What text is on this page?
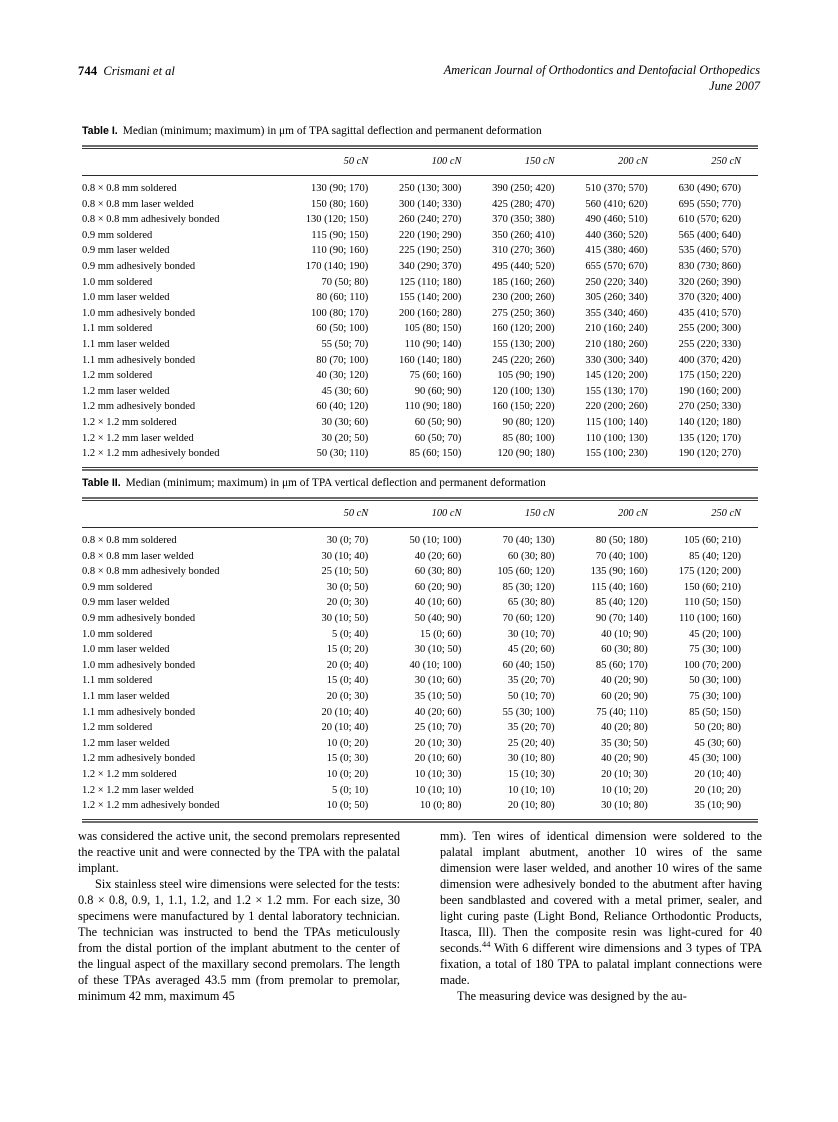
744 Crismani et al	American Journal of Orthodontics and Dentofacial Orthopedics
June 2007

Table I. Median (minimum; maximum) in μm of TPA sagittal deflection and permanent deformation

	50 cN	100 cN	150 cN	200 cN	250 cN
0.8 × 0.8 mm soldered	130 (90; 170)	250 (130; 300)	390 (250; 420)	510 (370; 570)	630 (490; 670)
0.8 × 0.8 mm laser welded	150 (80; 160)	300 (140; 330)	425 (280; 470)	560 (410; 620)	695 (550; 770)
0.8 × 0.8 mm adhesively bonded	130 (120; 150)	260 (240; 270)	370 (350; 380)	490 (460; 510)	610 (570; 620)
0.9 mm soldered	115 (90; 150)	220 (190; 290)	350 (260; 410)	440 (360; 520)	565 (400; 640)
0.9 mm laser welded	110 (90; 160)	225 (190; 250)	310 (270; 360)	415 (380; 460)	535 (460; 570)
0.9 mm adhesively bonded	170 (140; 190)	340 (290; 370)	495 (440; 520)	655 (570; 670)	830 (730; 860)
1.0 mm soldered	70 (50; 80)	125 (110; 180)	185 (160; 260)	250 (220; 340)	320 (260; 390)
1.0 mm laser welded	80 (60; 110)	155 (140; 200)	230 (200; 260)	305 (260; 340)	370 (320; 400)
1.0 mm adhesively bonded	100 (80; 170)	200 (160; 280)	275 (250; 360)	355 (340; 460)	435 (410; 570)
1.1 mm soldered	60 (50; 100)	105 (80; 150)	160 (120; 200)	210 (160; 240)	255 (200; 300)
1.1 mm laser welded	55 (50; 70)	110 (90; 140)	155 (130; 200)	210 (180; 260)	255 (220; 330)
1.1 mm adhesively bonded	80 (70; 100)	160 (140; 180)	245 (220; 260)	330 (300; 340)	400 (370; 420)
1.2 mm soldered	40 (30; 120)	75 (60; 160)	105 (90; 190)	145 (120; 200)	175 (150; 220)
1.2 mm laser welded	45 (30; 60)	90 (60; 90)	120 (100; 130)	155 (130; 170)	190 (160; 200)
1.2 mm adhesively bonded	60 (40; 120)	110 (90; 180)	160 (150; 220)	220 (200; 260)	270 (250; 330)
1.2 × 1.2 mm soldered	30 (30; 60)	60 (50; 90)	90 (80; 120)	115 (100; 140)	140 (120; 180)
1.2 × 1.2 mm laser welded	30 (20; 50)	60 (50; 70)	85 (80; 100)	110 (100; 130)	135 (120; 170)
1.2 × 1.2 mm adhesively bonded	50 (30; 110)	85 (60; 150)	120 (90; 180)	155 (100; 230)	190 (120; 270)

Table II. Median (minimum; maximum) in μm of TPA vertical deflection and permanent deformation

	50 cN	100 cN	150 cN	200 cN	250 cN
0.8 × 0.8 mm soldered	30 (0; 70)	50 (10; 100)	70 (40; 130)	80 (50; 180)	105 (60; 210)
0.8 × 0.8 mm laser welded	30 (10; 40)	40 (20; 60)	60 (30; 80)	70 (40; 100)	85 (40; 120)
0.8 × 0.8 mm adhesively bonded	25 (10; 50)	60 (30; 80)	105 (60; 120)	135 (90; 160)	175 (120; 200)
0.9 mm soldered	30 (0; 50)	60 (20; 90)	85 (30; 120)	115 (40; 160)	150 (60; 210)
0.9 mm laser welded	20 (0; 30)	40 (10; 60)	65 (30; 80)	85 (40; 120)	110 (50; 150)
0.9 mm adhesively bonded	30 (10; 50)	50 (40; 90)	70 (60; 120)	90 (70; 140)	110 (100; 160)
1.0 mm soldered	5 (0; 40)	15 (0; 60)	30 (10; 70)	40 (10; 90)	45 (20; 100)
1.0 mm laser welded	15 (0; 20)	30 (10; 50)	45 (20; 60)	60 (30; 80)	75 (30; 100)
1.0 mm adhesively bonded	20 (0; 40)	40 (10; 100)	60 (40; 150)	85 (60; 170)	100 (70; 200)
1.1 mm soldered	15 (0; 40)	30 (10; 60)	35 (20; 70)	40 (20; 90)	50 (30; 100)
1.1 mm laser welded	20 (0; 30)	35 (10; 50)	50 (10; 70)	60 (20; 90)	75 (30; 100)
1.1 mm adhesively bonded	20 (10; 40)	40 (20; 60)	55 (30; 100)	75 (40; 110)	85 (50; 150)
1.2 mm soldered	20 (10; 40)	25 (10; 70)	35 (20; 70)	40 (20; 80)	50 (20; 80)
1.2 mm laser welded	10 (0; 20)	20 (10; 30)	25 (20; 40)	35 (30; 50)	45 (30; 60)
1.2 mm adhesively bonded	15 (0; 30)	20 (10; 60)	30 (10; 80)	40 (20; 90)	45 (30; 100)
1.2 × 1.2 mm soldered	10 (0; 20)	10 (10; 30)	15 (10; 30)	20 (10; 30)	20 (10; 40)
1.2 × 1.2 mm laser welded	5 (0; 10)	10 (10; 10)	10 (10; 10)	10 (10; 20)	20 (10; 20)
1.2 × 1.2 mm adhesively bonded	10 (0; 50)	10 (0; 80)	20 (10; 80)	30 (10; 80)	35 (10; 90)

was considered the active unit, the second premolars represented the reactive unit and were connected by the TPA with the palatal implant.

Six stainless steel wire dimensions were selected for the tests: 0.8 × 0.8, 0.9, 1, 1.1, 1.2, and 1.2 × 1.2 mm. For each size, 30 specimens were manufactured by 1 dental laboratory technician. The technician was instructed to bend the TPAs meticulously from the distal portion of the implant abutment to the center of the lingual aspect of the maxillary second premolars. The length of these TPAs averaged 43.5 mm (from premolar to premolar, minimum 42 mm, maximum 45

mm). Ten wires of identical dimension were soldered to the palatal implant abutment, another 10 wires of the same dimension were laser welded, and another 10 wires of the same dimension were adhesively bonded to the abutment after having been sandblasted and covered with a metal primer, sealer, and light curing paste (Light Bond, Reliance Orthodontic Products, Itasca, Ill). Then the composite resin was light-cured for 40 seconds.$^{44}$ With 6 different wire dimensions and 3 types of TPA fixation, a total of 180 TPA to palatal implant connections were made.

The measuring device was designed by the au-
